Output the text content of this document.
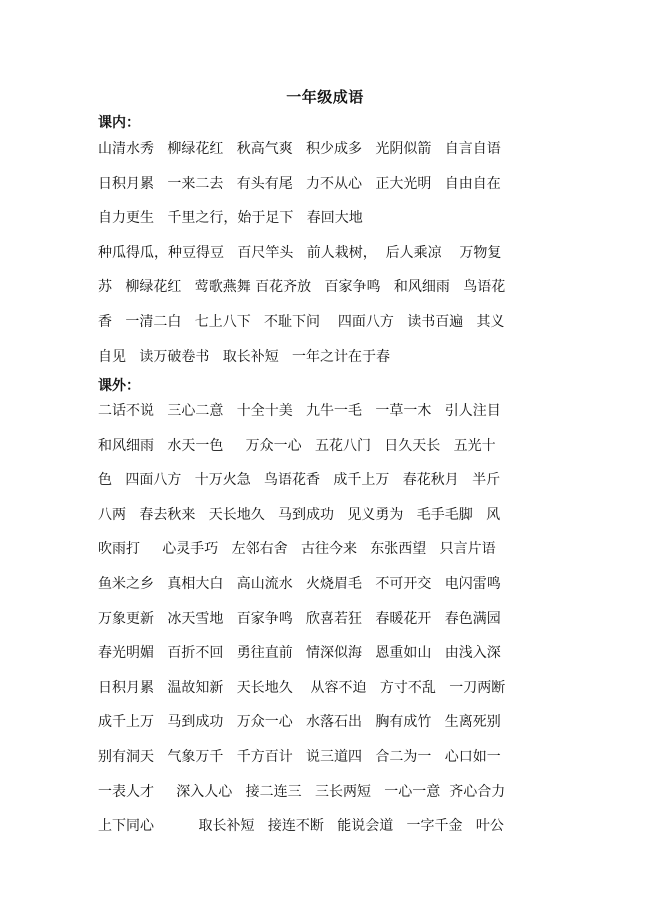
一年级成语
课内：
山清水秀   柳绿花红   秋高气爽   积少成多   光阴似箭   自言自语
日积月累   一来二去   有头有尾   力不从心   正大光明   自由自在
自力更生   千里之行，始于足下   春回大地
种瓜得瓜，种豆得豆   百尺竿头   前人栽树，  后人乘凉    万物复
苏   柳绿花红   莺歌燕舞 百花齐放   百家争鸣   和风细雨   鸟语花
香   一清二白   七上八下   不耻下问    四面八方   读书百遍   其义
自见   读万破卷书   取长补短   一年之计在于春
课外：
二话不说   三心二意   十全十美   九牛一毛   一草一木   引人注目
和风细雨   水天一色     万众一心   五花八门   日久天长   五光十
色   四面八方   十万火急   鸟语花香   成千上万   春花秋月   半斤
八两   春去秋来   天长地久   马到成功   见义勇为   毛手毛脚   风
吹雨打     心灵手巧   左邻右舍   古往今来   东张西望   只言片语
鱼米之乡   真相大白   高山流水   火烧眉毛   不可开交   电闪雷鸣
万象更新   冰天雪地   百家争鸣   欣喜若狂   春暖花开   春色满园
春光明媚   百折不回   勇往直前   情深似海   恩重如山   由浅入深
日积月累   温故知新   天长地久    从容不迫   方寸不乱   一刀两断
成千上万   马到成功   万众一心   水落石出   胸有成竹   生离死别
别有洞天   气象万千   千方百计   说三道四   合二为一   心口如一
一表人才     深入人心   接二连三   三长两短   一心一意  齐心合力
上下同心          取长补短   接连不断   能说会道   一字千金   叶公
